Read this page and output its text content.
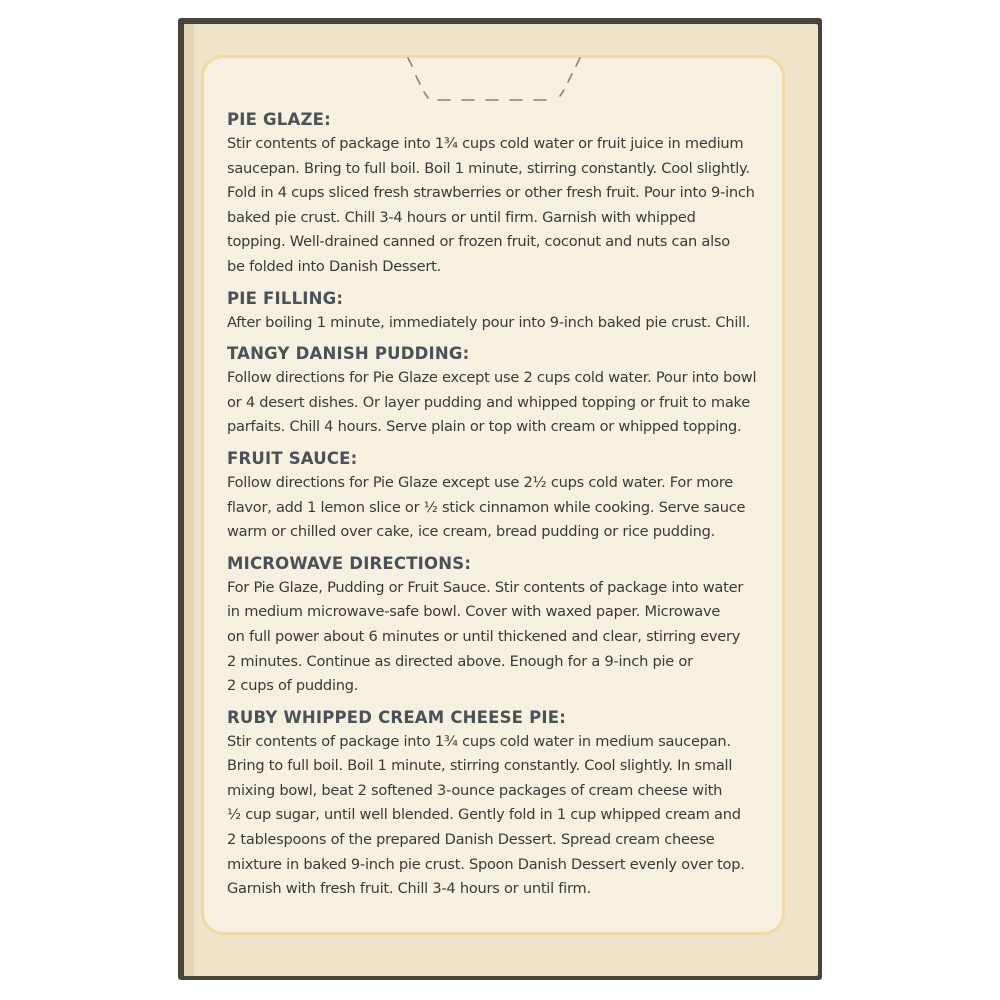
PIE GLAZE:
Stir contents of package into 1¾ cups cold water or fruit juice in medium
saucepan. Bring to full boil. Boil 1 minute, stirring constantly. Cool slightly.
Fold in 4 cups sliced fresh strawberries or other fresh fruit. Pour into 9-inch
baked pie crust. Chill 3-4 hours or until firm. Garnish with whipped
topping. Well-drained canned or frozen fruit, coconut and nuts can also
be folded into Danish Dessert.
PIE FILLING:
After boiling 1 minute, immediately pour into 9-inch baked pie crust. Chill.
TANGY DANISH PUDDING:
Follow directions for Pie Glaze except use 2 cups cold water. Pour into bowl
or 4 desert dishes. Or layer pudding and whipped topping or fruit to make
parfaits. Chill 4 hours. Serve plain or top with cream or whipped topping.
FRUIT SAUCE:
Follow directions for Pie Glaze except use 2½ cups cold water. For more
flavor, add 1 lemon slice or ½ stick cinnamon while cooking. Serve sauce
warm or chilled over cake, ice cream, bread pudding or rice pudding.
MICROWAVE DIRECTIONS:
For Pie Glaze, Pudding or Fruit Sauce. Stir contents of package into water
in medium microwave-safe bowl. Cover with waxed paper. Microwave
on full power about 6 minutes or until thickened and clear, stirring every
2 minutes. Continue as directed above. Enough for a 9-inch pie or
2 cups of pudding.
RUBY WHIPPED CREAM CHEESE PIE:
Stir contents of package into 1¾ cups cold water in medium saucepan.
Bring to full boil. Boil 1 minute, stirring constantly. Cool slightly. In small
mixing bowl, beat 2 softened 3-ounce packages of cream cheese with
½ cup sugar, until well blended. Gently fold in 1 cup whipped cream and
2 tablespoons of the prepared Danish Dessert. Spread cream cheese
mixture in baked 9-inch pie crust. Spoon Danish Dessert evenly over top.
Garnish with fresh fruit. Chill 3-4 hours or until firm.
